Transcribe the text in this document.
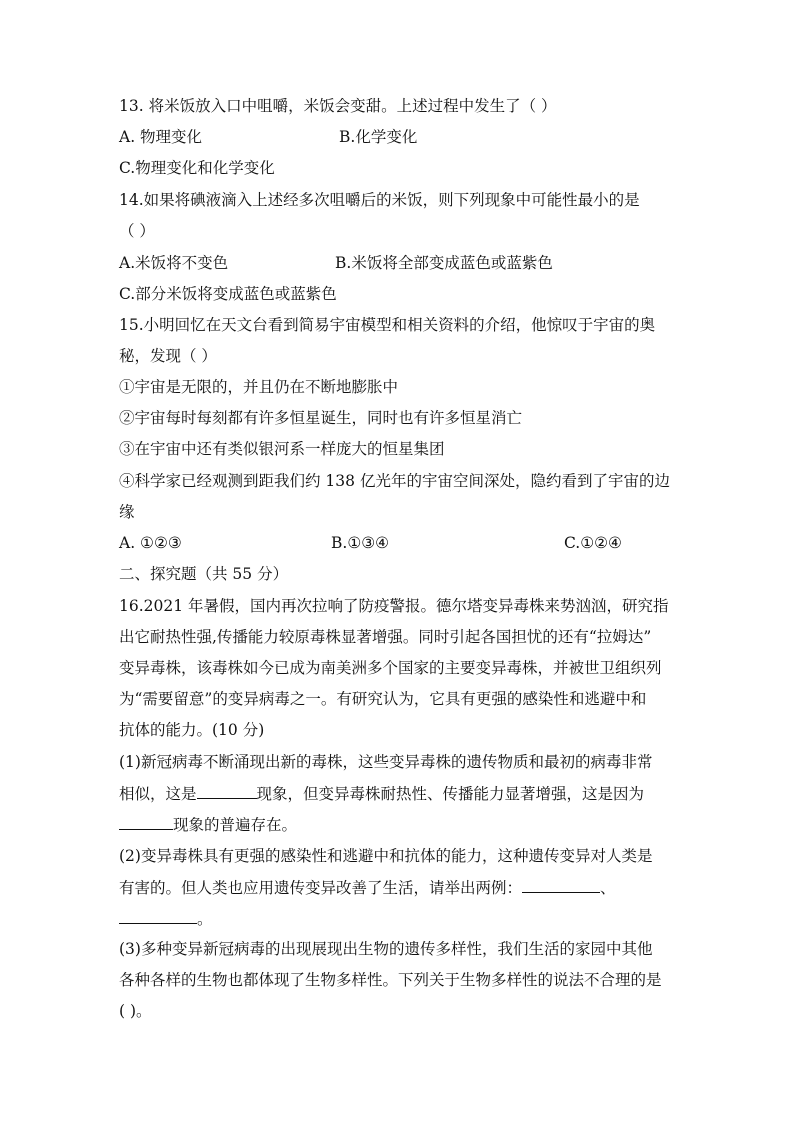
13. 将米饭放入口中咀嚼，米饭会变甜。上述过程中发生了（ ）
A. 物理变化	B.化学变化
C.物理变化和化学变化
14.如果将碘液滴入上述经多次咀嚼后的米饭，则下列现象中可能性最小的是
（ ）
A.米饭将不变色	B.米饭将全部变成蓝色或蓝紫色
C.部分米饭将变成蓝色或蓝紫色
15.小明回忆在天文台看到简易宇宙模型和相关资料的介绍，他惊叹于宇宙的奥
秘，发现（ ）
①宇宙是无限的，并且仍在不断地膨胀中
②宇宙每时每刻都有许多恒星诞生，同时也有许多恒星消亡
③在宇宙中还有类似银河系一样庞大的恒星集团
④科学家已经观测到距我们约 138 亿光年的宇宙空间深处，隐约看到了宇宙的边
缘
A. ①②③	B.①③④	C.①②④
二、探究题（共 55 分）
16.2021 年暑假，国内再次拉响了防疫警报。德尔塔变异毒株来势汹汹，研究指
出它耐热性强,传播能力较原毒株显著增强。同时引起各国担忧的还有“拉姆达”
变异毒株，该毒株如今已成为南美洲多个国家的主要变异毒株，并被世卫组织列
为“需要留意”的变异病毒之一。有研究认为，它具有更强的感染性和逃避中和
抗体的能力。(10 分)
(1)新冠病毒不断涌现出新的毒株，这些变异毒株的遗传物质和最初的病毒非常
相似，这是	现象，但变异毒株耐热性、传播能力显著增强，这是因为
现象的普遍存在。
(2)变异毒株具有更强的感染性和逃避中和抗体的能力，这种遗传变异对人类是
有害的。但人类也应用遗传变异改善了生活，请举出两例：	、
。
(3)多种变异新冠病毒的出现展现出生物的遗传多样性，我们生活的家园中其他
各种各样的生物也都体现了生物多样性。下列关于生物多样性的说法不合理的是
( )。
